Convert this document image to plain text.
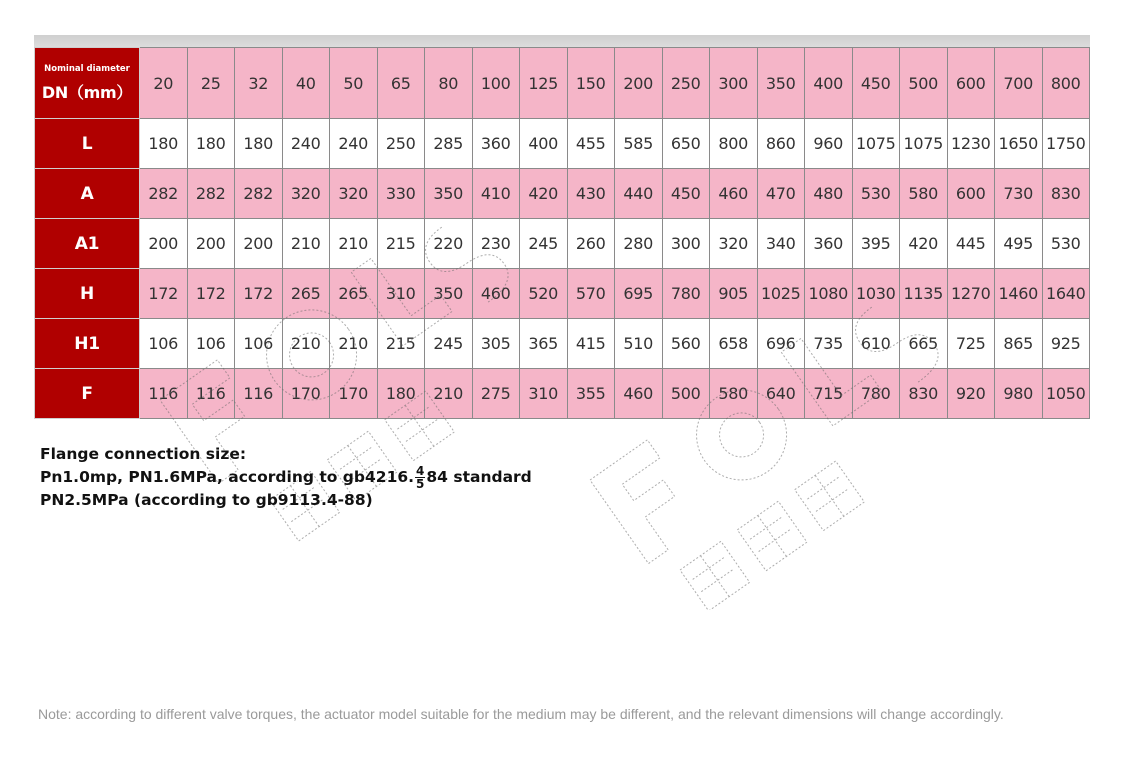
Nominal diameter
DN（mm）	20	25	32	40	50	65	80	100	125	150	200	250	300	350	400	450	500	600	700	800
L	180	180	180	240	240	250	285	360	400	455	585	650	800	860	960	1075	1075	1230	1650	1750
A	282	282	282	320	320	330	350	410	420	430	440	450	460	470	480	530	580	600	730	830
A1	200	200	200	210	210	215	220	230	245	260	280	300	320	340	360	395	420	445	495	530
H	172	172	172	265	265	310	350	460	520	570	695	780	905	1025	1080	1030	1135	1270	1460	1640
H1	106	106	106	210	210	215	245	305	365	415	510	560	658	696	735	610	665	725	865	925
F	116	116	116	170	170	180	210	275	310	355	460	500	580	640	715	780	830	920	980	1050
Flange connection size:
Pn1.0mp, PN1.6MPa, according to gb4216. $\frac{4}{5} 84$ standard
PN2.5MPa (according to gb9113.4-88)
Note: according to different valve torques, the actuator model suitable for the medium may be different, and the relevant dimensions will change accordingly.
